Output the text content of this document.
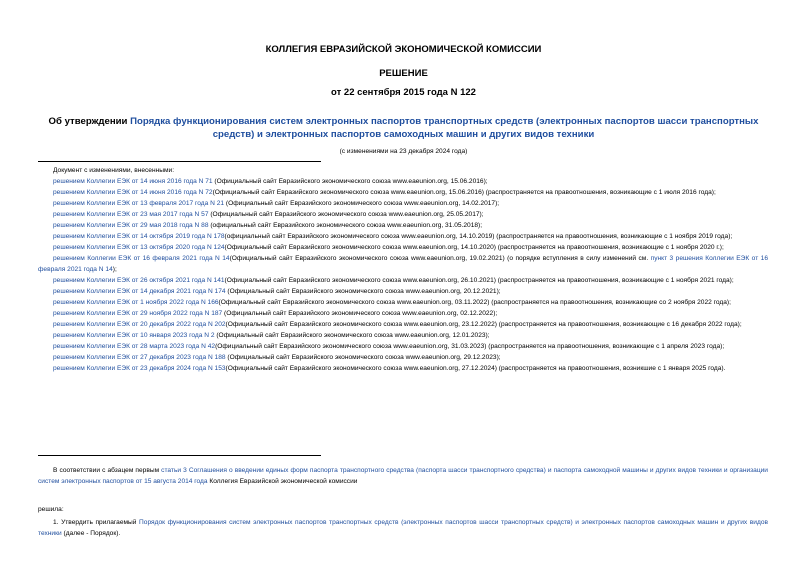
КОЛЛЕГИЯ ЕВРАЗИЙСКОЙ ЭКОНОМИЧЕСКОЙ КОМИССИИ
РЕШЕНИЕ
от 22 сентября 2015 года N 122
Об утверждении Порядка функционирования систем электронных паспортов транспортных средств (электронных паспортов шасси транспортных средств) и электронных паспортов самоходных машин и других видов техники
(с изменениями на 23 декабря 2024 года)

Документ с изменениями, внесенными:

решением Коллегии ЕЭК от 14 июня 2016 года N 71 (Официальный сайт Евразийского экономического союза www.eaeunion.org, 15.06.2016);

решением Коллегии ЕЭК от 14 июня 2016 года N 72(Официальный сайт Евразийского экономического союза www.eaeunion.org, 15.06.2016) (распространяется на правоотношения, возникающие с 1 июля 2016 года);

решением Коллегии ЕЭК от 13 февраля 2017 года N 21 (Официальный сайт Евразийского экономического союза www.eaeunion.org, 14.02.2017);

решением Коллегии ЕЭК от 23 мая 2017 года N 57 (Официальный сайт Евразийского экономического союза www.eaeunion.org, 25.05.2017);

решением Коллегии ЕЭК от 29 мая 2018 года N 88 (официальный сайт Евразийского экономического союза www.eaeunion.org, 31.05.2018);

решением Коллегии ЕЭК от 14 октября 2019 года N 178(официальный сайт Евразийского экономического союза www.eaeunion.org, 14.10.2019) (распространяется на правоотношения, возникающие с 1 ноября 2019 года);

решением Коллегии ЕЭК от 13 октября 2020 года N 124(Официальный сайт Евразийского экономического союза www.eaeunion.org, 14.10.2020) (распространяется на правоотношения, возникающие с 1 ноября 2020 г.);

решением Коллегии ЕЭК от 16 февраля 2021 года N 14(Официальный сайт Евразийского экономического союза www.eaeunion.org, 19.02.2021) (о порядке вступления в силу изменений см. пункт 3 решения Коллегии ЕЭК от 16 февраля 2021 года N 14);

решением Коллегии ЕЭК от 26 октября 2021 года N 141(Официальный сайт Евразийского экономического союза www.eaeunion.org, 26.10.2021) (распространяется на правоотношения, возникающие с 1 ноября 2021 года);

решением Коллегии ЕЭК от 14 декабря 2021 года N 174 (Официальный сайт Евразийского экономического союза www.eaeunion.org, 20.12.2021);

решением Коллегии ЕЭК от 1 ноября 2022 года N 166(Официальный сайт Евразийского экономического союза www.eaeunion.org, 03.11.2022) (распространяется на правоотношения, возникающие со 2 ноября 2022 года);

решением Коллегии ЕЭК от 29 ноября 2022 года N 187 (Официальный сайт Евразийского экономического союза www.eaeunion.org, 02.12.2022);

решением Коллегии ЕЭК от 20 декабря 2022 года N 202(Официальный сайт Евразийского экономического союза www.eaeunion.org, 23.12.2022) (распространяется на правоотношения, возникающие с 16 декабря 2022 года);

решением Коллегии ЕЭК от 10 января 2023 года N 2 (Официальный сайт Евразийского экономического союза www.eaeunion.org, 12.01.2023);

решением Коллегии ЕЭК от 28 марта 2023 года N 42(Официальный сайт Евразийского экономического союза www.eaeunion.org, 31.03.2023) (распространяется на правоотношения, возникающие с 1 апреля 2023 года);

решением Коллегии ЕЭК от 27 декабря 2023 года N 188 (Официальный сайт Евразийского экономического союза www.eaeunion.org, 29.12.2023);

решением Коллегии ЕЭК от 23 декабря 2024 года N 153(Официальный сайт Евразийского экономического союза www.eaeunion.org, 27.12.2024) (распространяется на правоотношения, возникшие с 1 января 2025 года).

В соответствии с абзацем первым статьи 3 Соглашения о введении единых форм паспорта транспортного средства (паспорта шасси транспортного средства) и паспорта самоходной машины и других видов техники и организации систем электронных паспортов от 15 августа 2014 года Коллегия Евразийской экономической комиссии

решила:

1. Утвердить прилагаемый Порядок функционирования систем электронных паспортов транспортных средств (электронных паспортов шасси транспортных средств) и электронных паспортов самоходных машин и других видов техники (далее - Порядок).
